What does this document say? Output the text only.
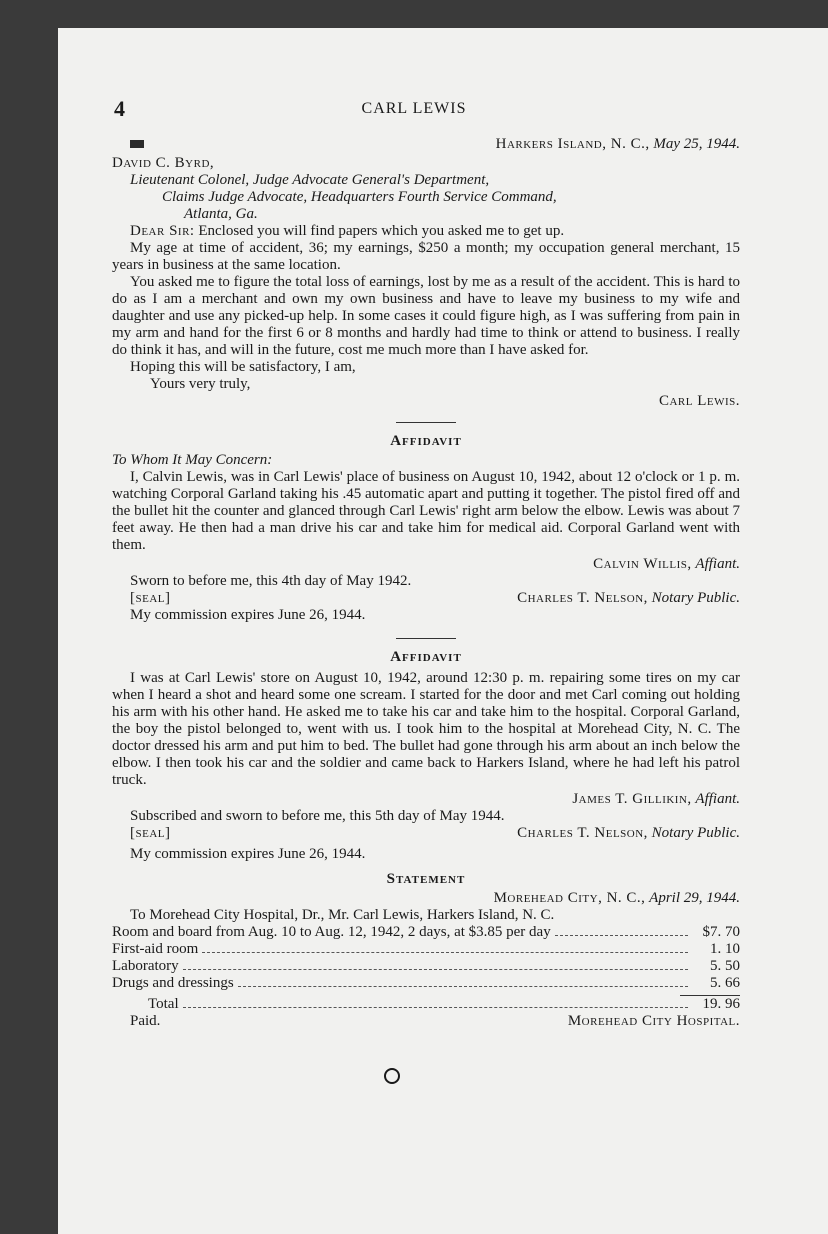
4	CARL LEWIS

Harkers Island, N. C., May 25, 1944.

David C. Byrd,

Lieutenant Colonel, Judge Advocate General's Department,

Claims Judge Advocate, Headquarters Fourth Service Command,

Atlanta, Ga.

Dear Sir: Enclosed you will find papers which you asked me to get up.

My age at time of accident, 36; my earnings, $250 a month; my occupation general merchant, 15 years in business at the same location.

You asked me to figure the total loss of earnings, lost by me as a result of the accident. This is hard to do as I am a merchant and own my own business and have to leave my business to my wife and daughter and use any picked-up help. In some cases it could figure high, as I was suffering from pain in my arm and hand for the first 6 or 8 months and hardly had time to think or attend to business. I really do think it has, and will in the future, cost me much more than I have asked for.

Hoping this will be satisfactory, I am,

Yours very truly,

Carl Lewis.

Affidavit

To Whom It May Concern:

I, Calvin Lewis, was in Carl Lewis' place of business on August 10, 1942, about 12 o'clock or 1 p. m. watching Corporal Garland taking his .45 automatic apart and putting it together. The pistol fired off and the bullet hit the counter and glanced through Carl Lewis' right arm below the elbow. Lewis was about 7 feet away. He then had a man drive his car and take him for medical aid. Corporal Garland went with them.

Calvin Willis, Affiant.

Sworn to before me, this 4th day of May 1942.

[seal]	Charles T. Nelson, Notary Public.

My commission expires June 26, 1944.

Affidavit

I was at Carl Lewis' store on August 10, 1942, around 12:30 p. m. repairing some tires on my car when I heard a shot and heard some one scream. I started for the door and met Carl coming out holding his arm with his other hand. He asked me to take his car and take him to the hospital. Corporal Garland, the boy the pistol belonged to, went with us. I took him to the hospital at Morehead City, N. C. The doctor dressed his arm and put him to bed. The bullet had gone through his arm about an inch below the elbow. I then took his car and the soldier and came back to Harkers Island, where he had left his patrol truck.

James T. Gillikin, Affiant.

Subscribed and sworn to before me, this 5th day of May 1944.

[seal]	Charles T. Nelson, Notary Public.

My commission expires June 26, 1944.

Statement

Morehead City, N. C., April 29, 1944.

To Morehead City Hospital, Dr., Mr. Carl Lewis, Harkers Island, N. C.

Room and board from Aug. 10 to Aug. 12, 1942, 2 days, at $3.85 per day	$7. 70
First-aid room	1. 10
Laboratory	5. 50
Drugs and dressings	5. 66
Total	19. 96

Paid.	Morehead City Hospital.
